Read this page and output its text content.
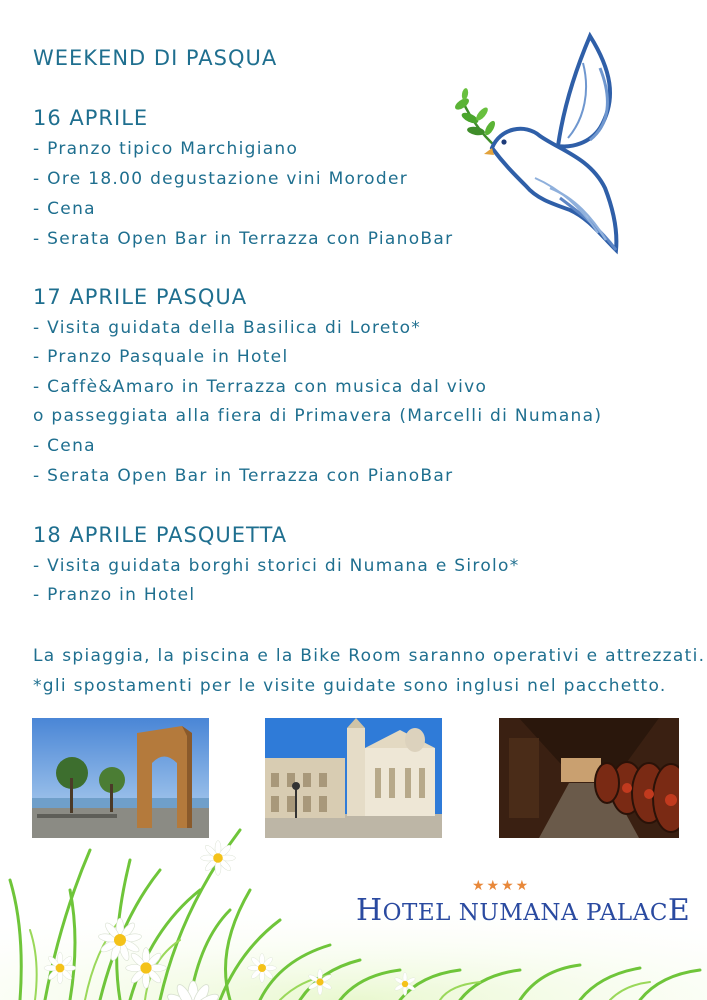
WEEKEND DI PASQUA
16 APRILE
- Pranzo tipico Marchigiano
- Ore 18.00 degustazione vini Moroder
- Cena
- Serata Open Bar in Terrazza con PianoBar
17 APRILE PASQUA
- Visita guidata della Basilica di Loreto*
- Pranzo Pasquale in Hotel
- Caffè&Amaro in Terrazza con musica dal vivo
o passeggiata alla fiera di Primavera (Marcelli di Numana)
- Cena
- Serata Open Bar in Terrazza con PianoBar
18 APRILE PASQUETTA
- Visita guidata borghi storici di Numana e Sirolo*
- Pranzo in Hotel
La spiaggia, la piscina e la Bike Room saranno operativi e attrezzati.
*gli spostamenti per le visite guidate sono inglusi nel pacchetto.
★★★★
HOTEL NUMANA PALACE
